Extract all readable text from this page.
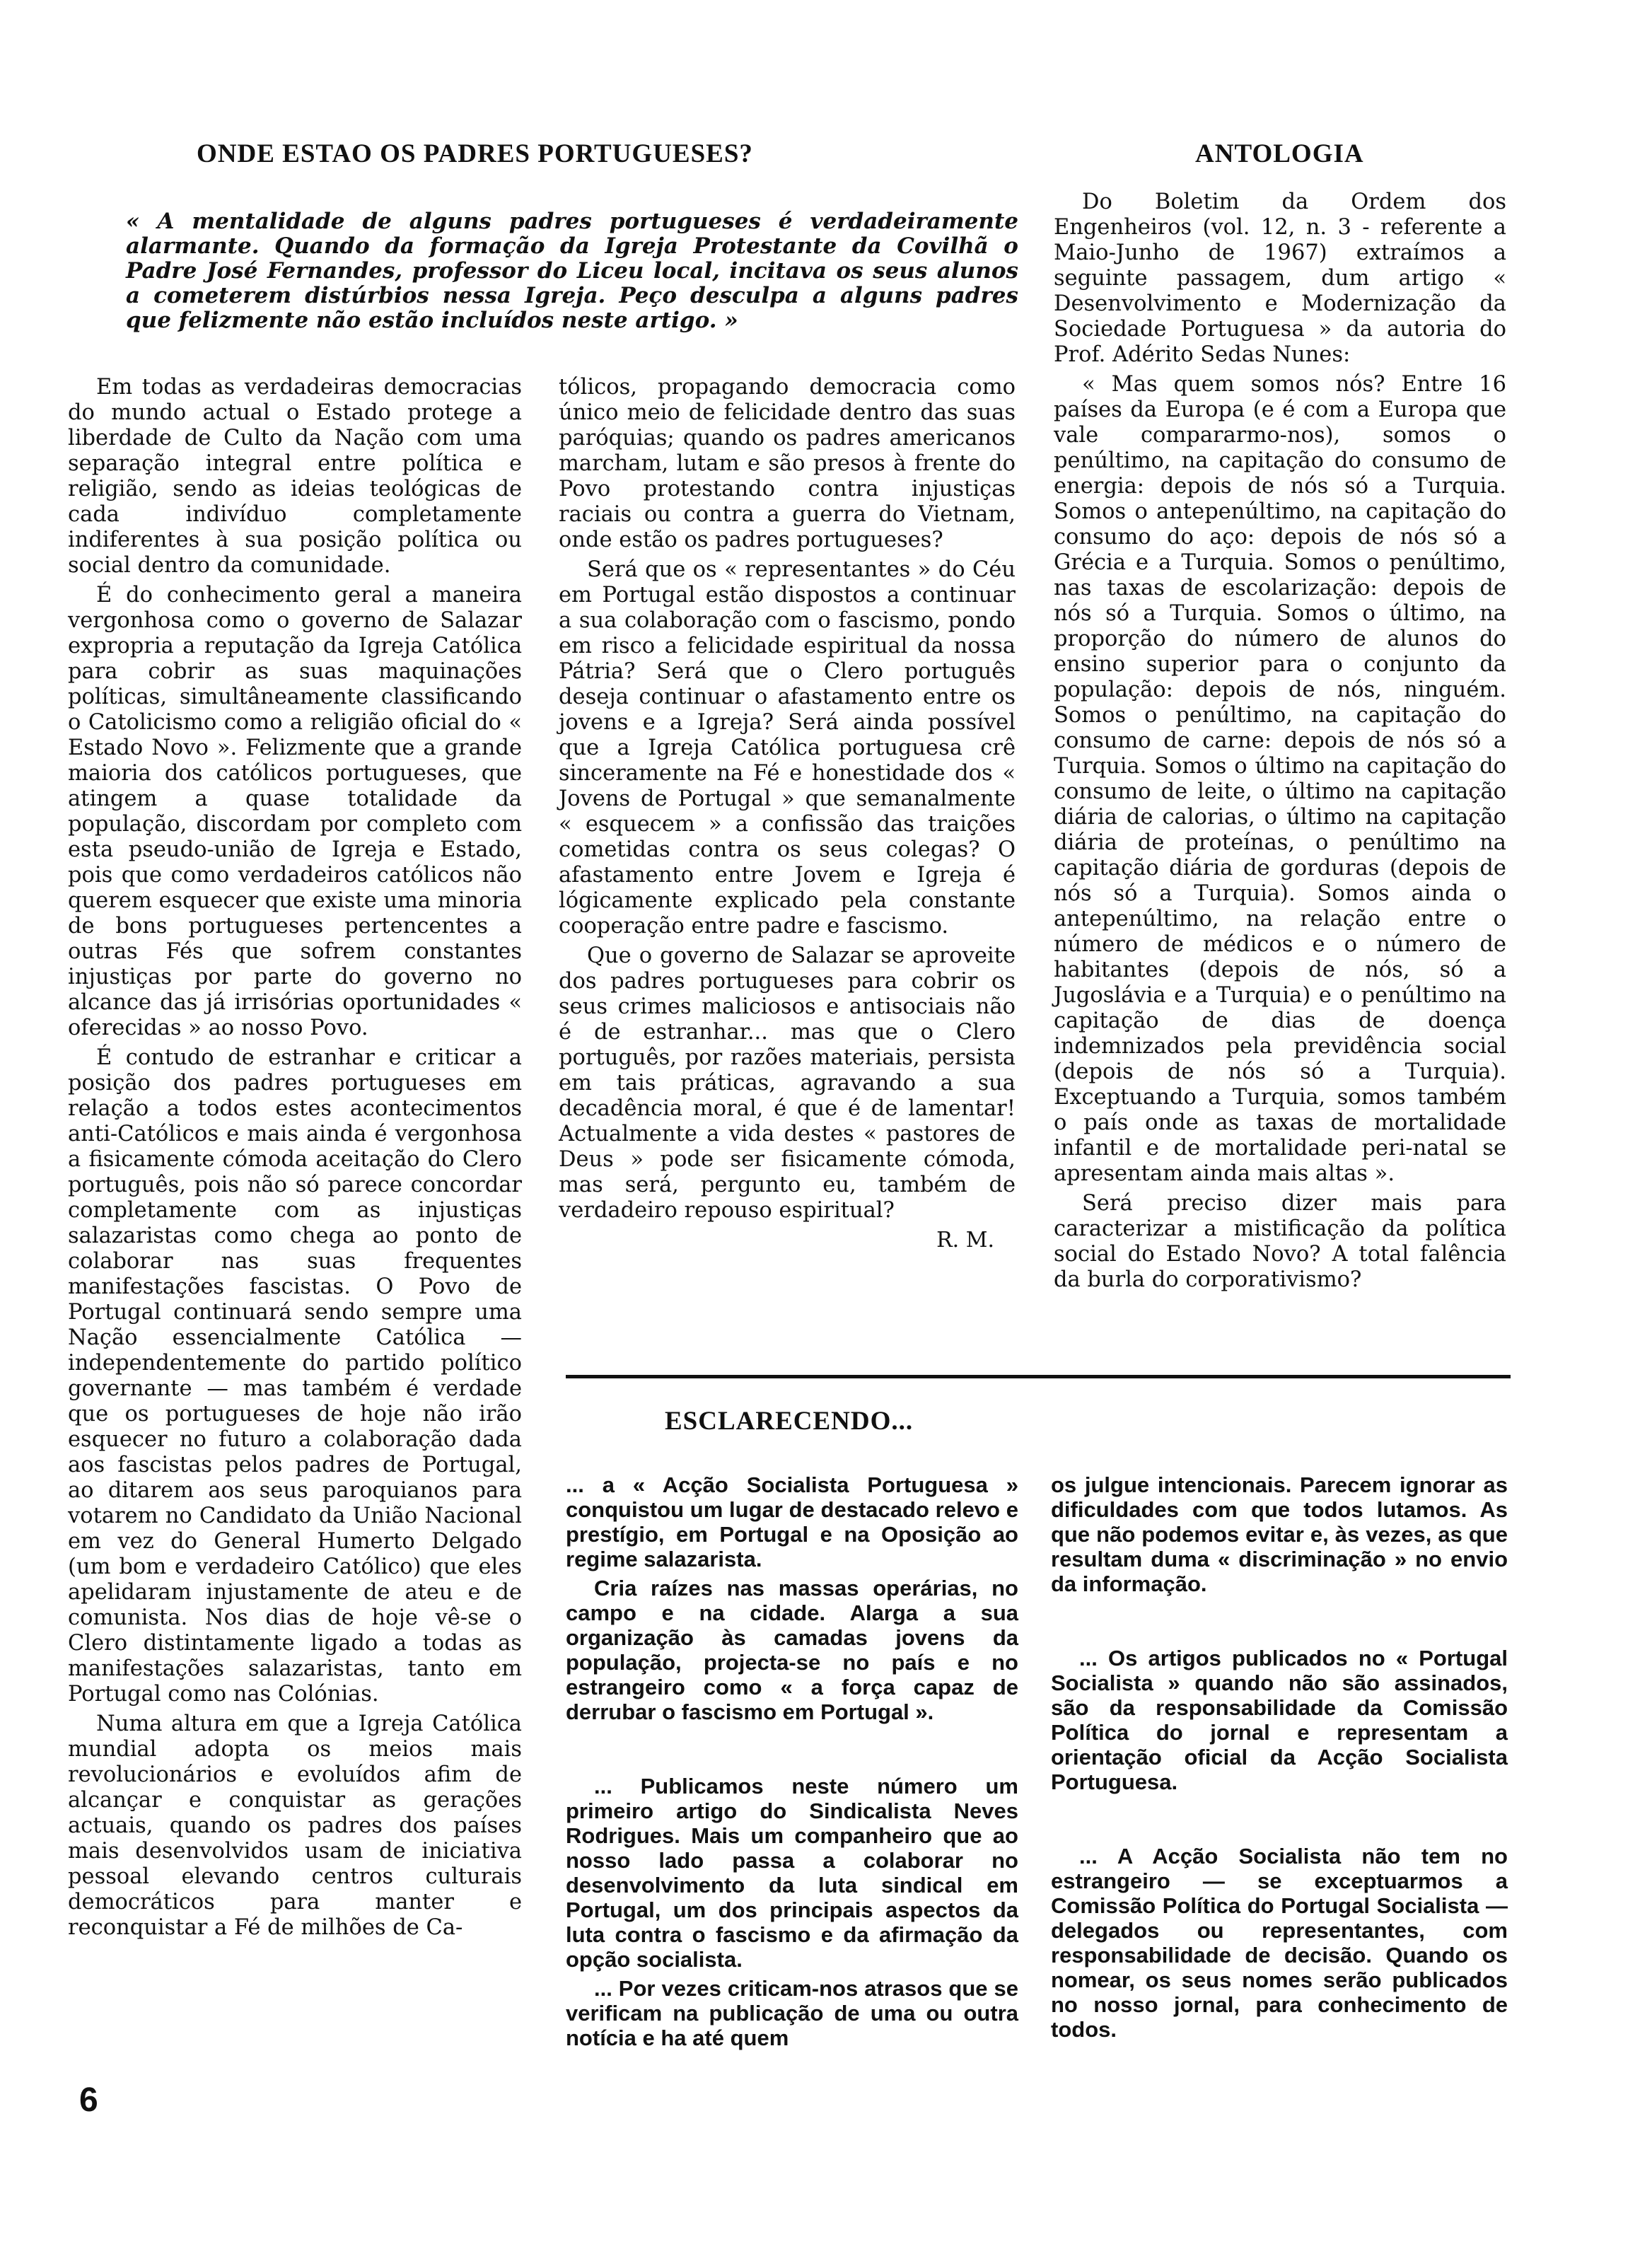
ONDE ESTAO OS PADRES PORTUGUESES?

« A mentalidade de alguns padres portugueses é verdadeiramente alarmante. Quando da formação da Igreja Protestante da Covilhã o Padre José Fernandes, professor do Liceu local, incitava os seus alunos a cometerem distúrbios nessa Igreja. Peço desculpa a alguns padres que felizmente não estão incluídos neste artigo. »

Em todas as verdadeiras democracias do mundo actual o Estado protege a liberdade de Culto da Nação com uma separação integral entre política e religião, sendo as ideias teológicas de cada indivíduo completamente indiferentes à sua posição política ou social dentro da comunidade.

É do conhecimento geral a maneira vergonhosa como o governo de Salazar expropria a reputação da Igreja Católica para cobrir as suas maquinações políticas, simultâneamente classificando o Catolicismo como a religião oficial do « Estado Novo ». Felizmente que a grande maioria dos católicos portugueses, que atingem a quase totalidade da população, discordam por completo com esta pseudo-união de Igreja e Estado, pois que como verdadeiros católicos não querem esquecer que existe uma minoria de bons portugueses pertencentes a outras Fés que sofrem constantes injustiças por parte do governo no alcance das já irrisórias oportunidades « oferecidas » ao nosso Povo.

É contudo de estranhar e criticar a posição dos padres portugueses em relação a todos estes acontecimentos anti-Católicos e mais ainda é vergonhosa a fisicamente cómoda aceitação do Clero português, pois não só parece concordar completamente com as injustiças salazaristas como chega ao ponto de colaborar nas suas frequentes manifestações fascistas. O Povo de Portugal continuará sendo sempre uma Nação essencialmente Católica — independentemente do partido político governante — mas também é verdade que os portugueses de hoje não irão esquecer no futuro a colaboração dada aos fascistas pelos padres de Portugal, ao ditarem aos seus paroquianos para votarem no Candidato da União Nacional em vez do General Humerto Delgado (um bom e verdadeiro Católico) que eles apelidaram injustamente de ateu e de comunista. Nos dias de hoje vê-se o Clero distintamente ligado a todas as manifestações salazaristas, tanto em Portugal como nas Colónias.

Numa altura em que a Igreja Católica mundial adopta os meios mais revolucionários e evoluídos afim de alcançar e conquistar as gerações actuais, quando os padres dos países mais desenvolvidos usam de iniciativa pessoal elevando centros culturais democráticos para manter e reconquistar a Fé de milhões de Ca-

tólicos, propagando democracia como único meio de felicidade dentro das suas paróquias; quando os padres americanos marcham, lutam e são presos à frente do Povo protestando contra injustiças raciais ou contra a guerra do Vietnam, onde estão os padres portugueses?

Será que os « representantes » do Céu em Portugal estão dispostos a continuar a sua colaboração com o fascismo, pondo em risco a felicidade espiritual da nossa Pátria? Será que o Clero português deseja continuar o afastamento entre os jovens e a Igreja? Será ainda possível que a Igreja Católica portuguesa crê sinceramente na Fé e honestidade dos « Jovens de Portugal » que semanalmente « esquecem » a confissão das traições cometidas contra os seus colegas? O afastamento entre Jovem e Igreja é lógicamente explicado pela constante cooperação entre padre e fascismo.

Que o governo de Salazar se aproveite dos padres portugueses para cobrir os seus crimes maliciosos e antisociais não é de estranhar... mas que o Clero português, por razões materiais, persista em tais práticas, agravando a sua decadência moral, é que é de lamentar! Actualmente a vida destes « pastores de Deus » pode ser fisicamente cómoda, mas será, pergunto eu, também de verdadeiro repouso espiritual?

R. M.
ANTOLOGIA

Do Boletim da Ordem dos Engenheiros (vol. 12, n. 3 - referente a Maio-Junho de 1967) extraímos a seguinte passagem, dum artigo « Desenvolvimento e Modernização da Sociedade Portuguesa » da autoria do Prof. Adérito Sedas Nunes:

« Mas quem somos nós? Entre 16 países da Europa (e é com a Europa que vale compararmo-nos), somos o penúltimo, na capitação do consumo de energia: depois de nós só a Turquia. Somos o antepenúltimo, na capitação do consumo do aço: depois de nós só a Grécia e a Turquia. Somos o penúltimo, nas taxas de escolarização: depois de nós só a Turquia. Somos o último, na proporção do número de alunos do ensino superior para o conjunto da população: depois de nós, ninguém. Somos o penúltimo, na capitação do consumo de carne: depois de nós só a Turquia. Somos o último na capitação do consumo de leite, o último na capitação diária de calorias, o último na capitação diária de proteínas, o penúltimo na capitação diária de gorduras (depois de nós só a Turquia). Somos ainda o antepenúltimo, na relação entre o número de médicos e o número de habitantes (depois de nós, só a Jugoslávia e a Turquia) e o penúltimo na capitação de dias de doença indemnizados pela previdência social (depois de nós só a Turquia). Exceptuando a Turquia, somos também o país onde as taxas de mortalidade infantil e de mortalidade peri-natal se apresentam ainda mais altas ».

Será preciso dizer mais para caracterizar a mistificação da política social do Estado Novo? A total falência da burla do corporativismo?

ESCLARECENDO...

... a « Acção Socialista Portuguesa » conquistou um lugar de destacado relevo e prestígio, em Portugal e na Oposição ao regime salazarista.

Cria raízes nas massas operárias, no campo e na cidade. Alarga a sua organização às camadas jovens da população, projecta-se no país e no estrangeiro como « a força capaz de derrubar o fascismo em Portugal ».

... Publicamos neste número um primeiro artigo do Sindicalista Neves Rodrigues. Mais um companheiro que ao nosso lado passa a colaborar no desenvolvimento da luta sindical em Portugal, um dos principais aspectos da luta contra o fascismo e da afirmação da opção socialista.

... Por vezes criticam-nos atrasos que se verificam na publicação de uma ou outra notícia e ha até quem

os julgue intencionais. Parecem ignorar as dificuldades com que todos lutamos. As que não podemos evitar e, às vezes, as que resultam duma « discriminação » no envio da informação.

... Os artigos publicados no « Portugal Socialista » quando não são assinados, são da responsabilidade da Comissão Política do jornal e representam a orientação oficial da Acção Socialista Portuguesa.

... A Acção Socialista não tem no estrangeiro — se exceptuarmos a Comissão Política do Portugal Socialista — delegados ou representantes, com responsabilidade de decisão. Quando os nomear, os seus nomes serão publicados no nosso jornal, para conhecimento de todos.

6
